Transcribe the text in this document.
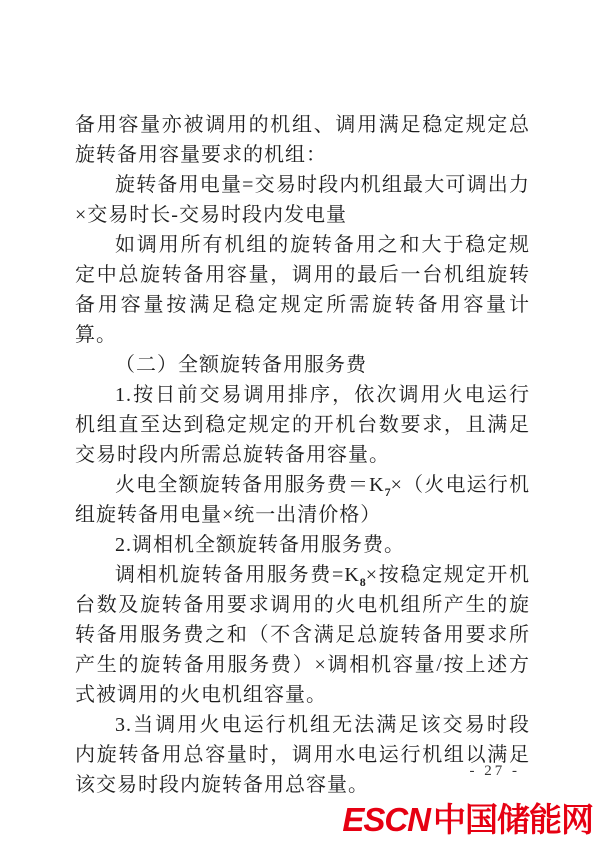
备用容量亦被调用的机组、调用满足稳定规定总旋转备用容量要求的机组：

旋转备用电量=交易时段内机组最大可调出力×交易时长-交易时段内发电量

如调用所有机组的旋转备用之和大于稳定规定中总旋转备用容量，调用的最后一台机组旋转备用容量按满足稳定规定所需旋转备用容量计算。

（二）全额旋转备用服务费

1.按日前交易调用排序，依次调用火电运行机组直至达到稳定规定的开机台数要求，且满足交易时段内所需总旋转备用容量。

火电全额旋转备用服务费$=K_7\times$（火电运行机组旋转备用电量×统一出清价格）

2.调相机全额旋转备用服务费。

调相机旋转备用服务费$=K_8\times$按稳定规定开机台数及旋转备用要求调用的火电机组所产生的旋转备用服务费之和（不含满足总旋转备用要求所产生的旋转备用服务费）×调相机容量/按上述方式被调用的火电机组容量。

3.当调用火电运行机组无法满足该交易时段内旋转备用总容量时，调用水电运行机组以满足该交易时段内旋转备用总容量。

- 27 -
ESCN中国储能网
